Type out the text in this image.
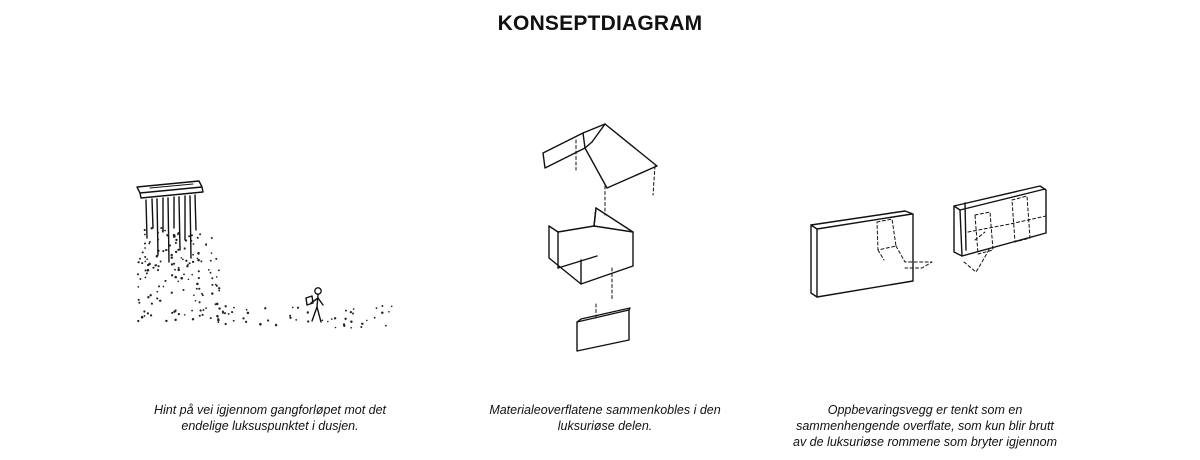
KONSEPTDIAGRAM
Hint på vei igjennom gangforløpet mot det
endelige luksuspunktet i dusjen.
Materialeoverflatene sammenkobles i den
luksuriøse delen.
Oppbevaringsvegg er tenkt som en
sammenhengende overflate, som kun blir brutt
av de luksuriøse rommene som bryter igjennom
